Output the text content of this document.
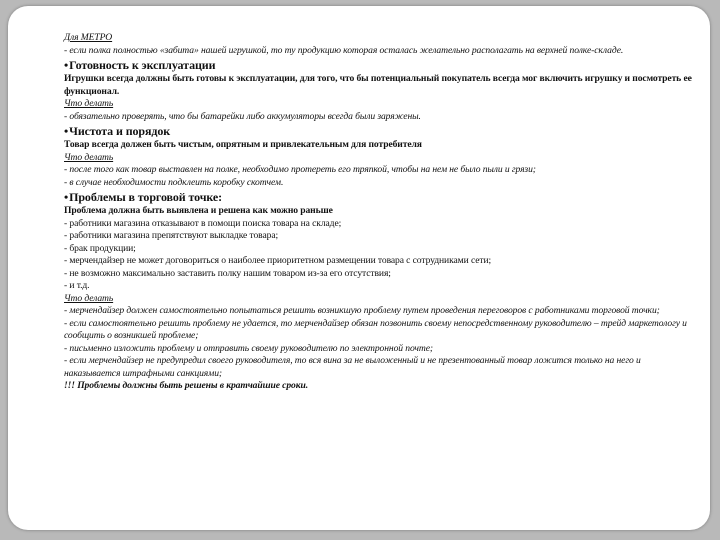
Для МЕТРО

- если полка полностью «забита» нашей игрушкой, то ту продукцию которая осталась желательно располагать на верхней полке-складе.

•Готовность к эксплуатации

Игрушки всегда должны быть готовы к эксплуатации, для того, что бы потенциальный покупатель всегда мог включить игрушку и посмотреть ее функционал.

Что делать

- обязательно проверять, что бы батарейки либо аккумуляторы всегда были заряжены.

•Чистота и порядок

Товар всегда должен быть чистым, опрятным и привлекательным для потребителя

Что делать

- после того как товар выставлен на полке, необходимо протереть его тряпкой, чтобы на нем не было пыли и грязи;

- в случае необходимости подклеить коробку скотчем.

•Проблемы в торговой точке:

Проблема должна быть выявлена и решена как можно раньше

- работники магазина отказывают в помощи поиска товара на складе;

- работники магазина препятствуют выкладке товара;

- брак продукции;

- мерчендайзер не может договориться о наиболее приоритетном размещении товара с сотрудниками сети;

- не возможно максимально заставить полку нашим товаром из-за его отсутствия;

- и т.д.

Что делать

- мерчендайзер должен самостоятельно попытаться решить возникшую проблему путем проведения переговоров с работниками торговой точки;

- если самостоятельно решить проблему не удается, то мерчендайзер обязан позвонить своему непосредственному руководителю – трейд маркетологу и сообщить о возникшей проблеме;

- письменно изложить проблему и отправить своему руководителю по электронной почте;

- если мерчендайзер не предупредил своего руководителя, то вся вина за не выложенный и не презентованный товар ложится только на него и наказывается штрафными санкциями;

!!! Проблемы должны быть решены в кратчайшие сроки.
